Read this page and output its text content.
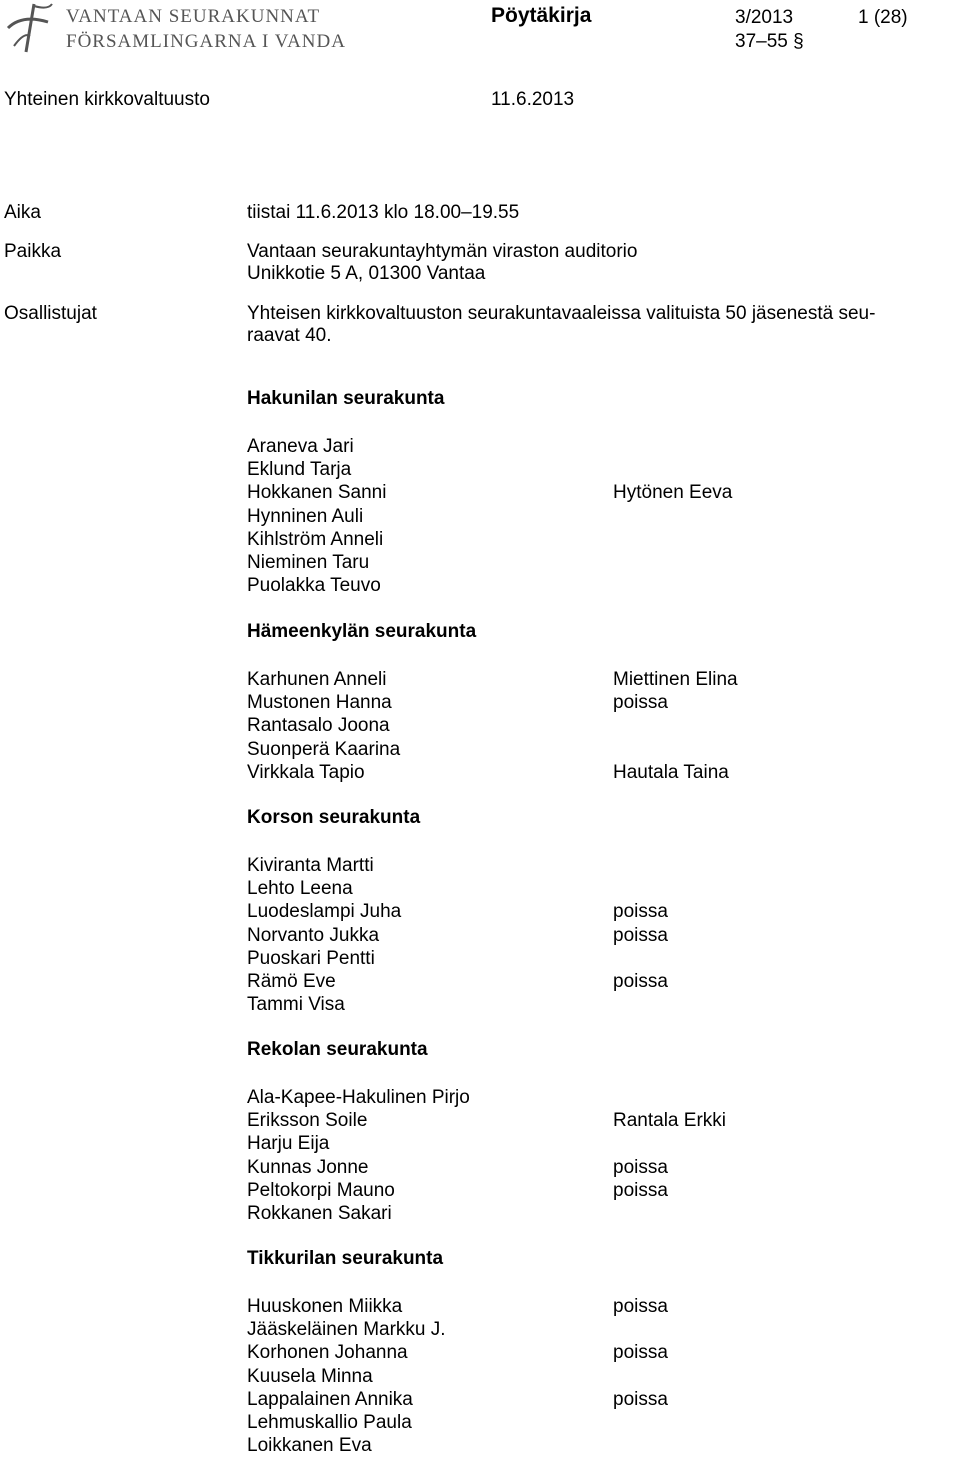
VANTAAN SEURAKUNNAT
FÖRSAMLINGARNA I VANDA
Pöytäkirja	3/2013	1 (28)
37–55 §
Yhteinen kirkkovaltuusto	11.6.2013
Aika	tiistai 11.6.2013 klo 18.00–19.55
Paikka	Vantaan seurakuntayhtymän viraston auditorio
Unikkotie 5 A, 01300 Vantaa
Osallistujat	Yhteisen kirkkovaltuuston seurakuntavaaleissa valituista 50 jäsenestä seu-
raavat 40.
Hakunilan seurakunta
Araneva Jari
Eklund Tarja
Hokkanen Sanni	Hytönen Eeva
Hynninen Auli
Kihlström Anneli
Nieminen Taru
Puolakka Teuvo
Hämeenkylän seurakunta
Karhunen Anneli	Miettinen Elina
Mustonen Hanna	poissa
Rantasalo Joona
Suonperä Kaarina
Virkkala Tapio	Hautala Taina
Korson seurakunta
Kiviranta Martti
Lehto Leena
Luodeslampi Juha	poissa
Norvanto Jukka	poissa
Puoskari Pentti
Rämö Eve	poissa
Tammi Visa
Rekolan seurakunta
Ala-Kapee-Hakulinen Pirjo
Eriksson Soile	Rantala Erkki
Harju Eija
Kunnas Jonne	poissa
Peltokorpi Mauno	poissa
Rokkanen Sakari
Tikkurilan seurakunta
Huuskonen Miikka	poissa
Jääskeläinen Markku J.
Korhonen Johanna	poissa
Kuusela Minna
Lappalainen Annika	poissa
Lehmuskallio Paula
Loikkanen Eva
